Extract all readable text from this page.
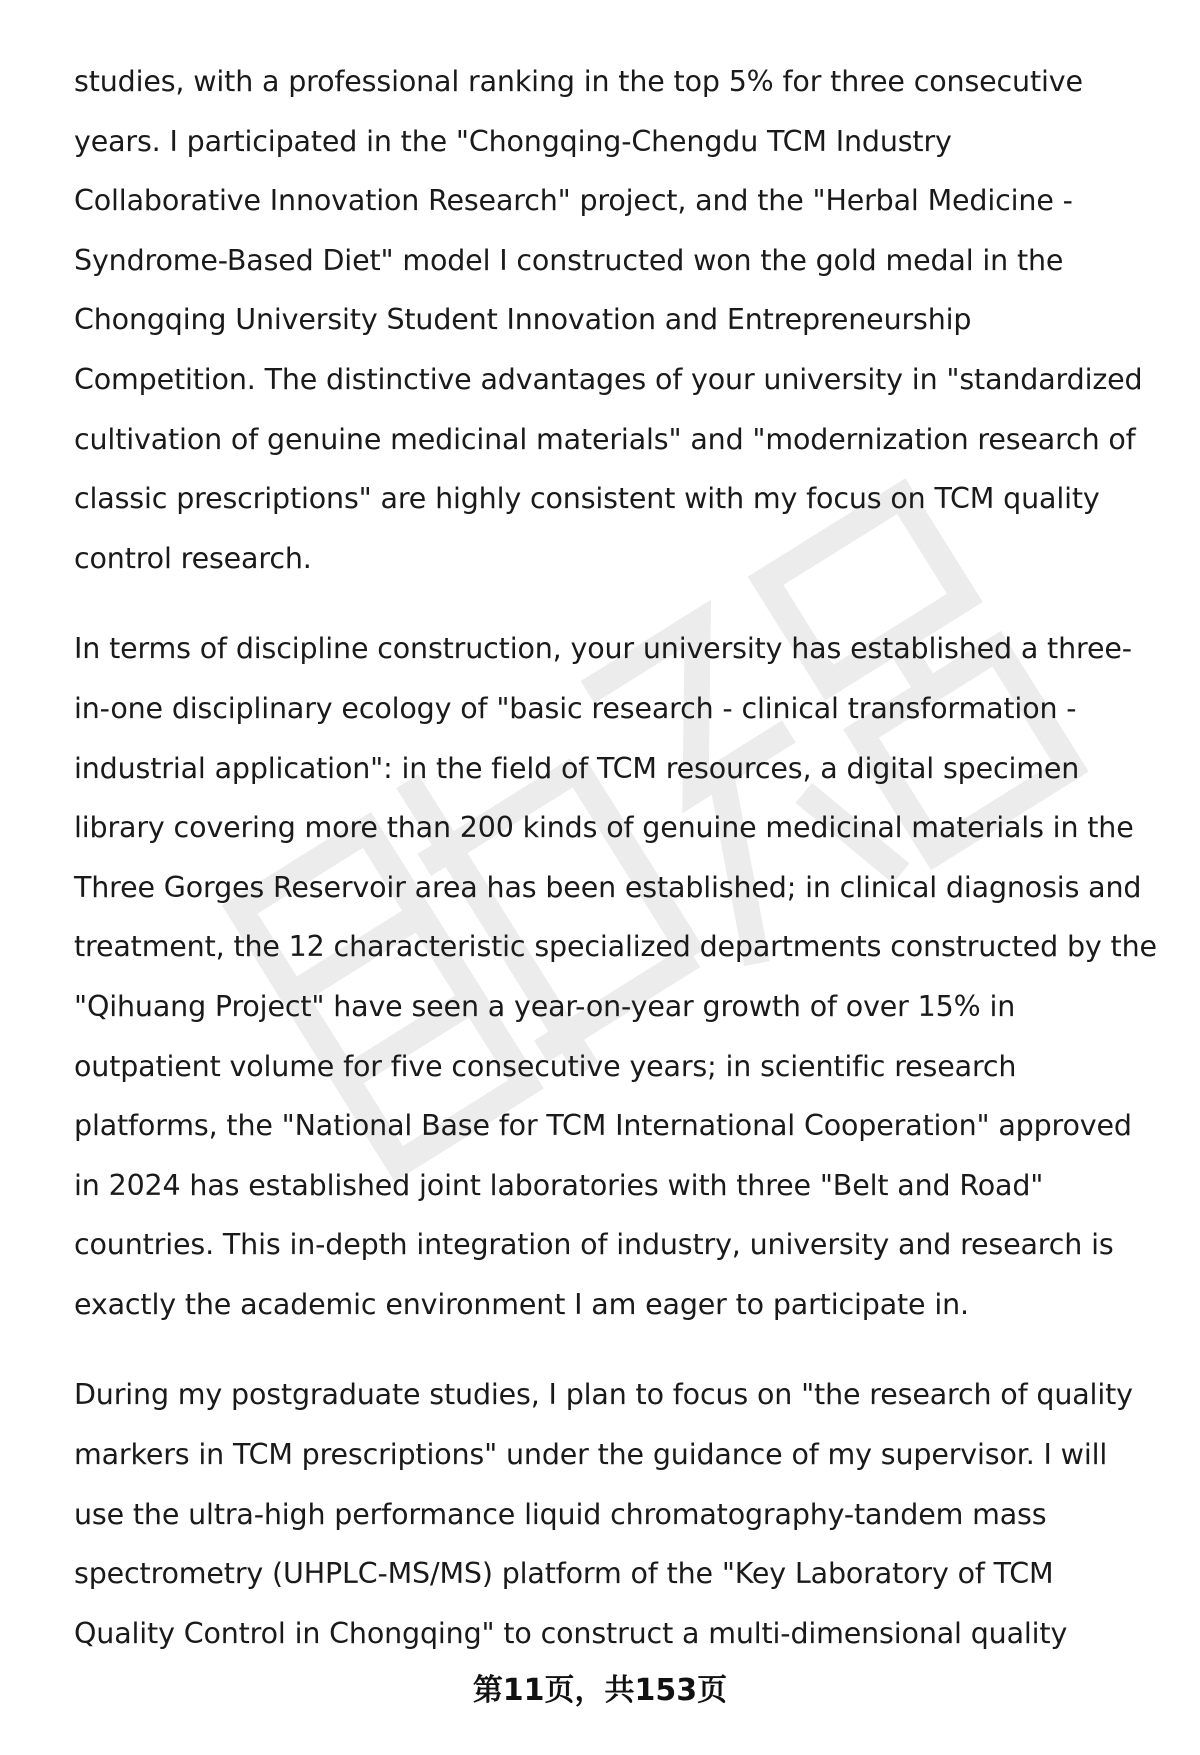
studies, with a professional ranking in the top 5% for three consecutive
years. I participated in the "Chongqing-Chengdu TCM Industry
Collaborative Innovation Research" project, and the "Herbal Medicine -
Syndrome-Based Diet" model I constructed won the gold medal in the
Chongqing University Student Innovation and Entrepreneurship
Competition. The distinctive advantages of your university in "standardized
cultivation of genuine medicinal materials" and "modernization research of
classic prescriptions" are highly consistent with my focus on TCM quality
control research.

In terms of discipline construction, your university has established a three-
in-one disciplinary ecology of "basic research - clinical transformation -
industrial application": in the field of TCM resources, a digital specimen
library covering more than 200 kinds of genuine medicinal materials in the
Three Gorges Reservoir area has been established; in clinical diagnosis and
treatment, the 12 characteristic specialized departments constructed by the
"Qihuang Project" have seen a year-on-year growth of over 15% in
outpatient volume for five consecutive years; in scientific research
platforms, the "National Base for TCM International Cooperation" approved
in 2024 has established joint laboratories with three "Belt and Road"
countries. This in-depth integration of industry, university and research is
exactly the academic environment I am eager to participate in.

During my postgraduate studies, I plan to focus on "the research of quality
markers in TCM prescriptions" under the guidance of my supervisor. I will
use the ultra-high performance liquid chromatography-tandem mass
spectrometry (UHPLC-MS/MS) platform of the "Key Laboratory of TCM
Quality Control in Chongqing" to construct a multi-dimensional quality

第11页，共153页
